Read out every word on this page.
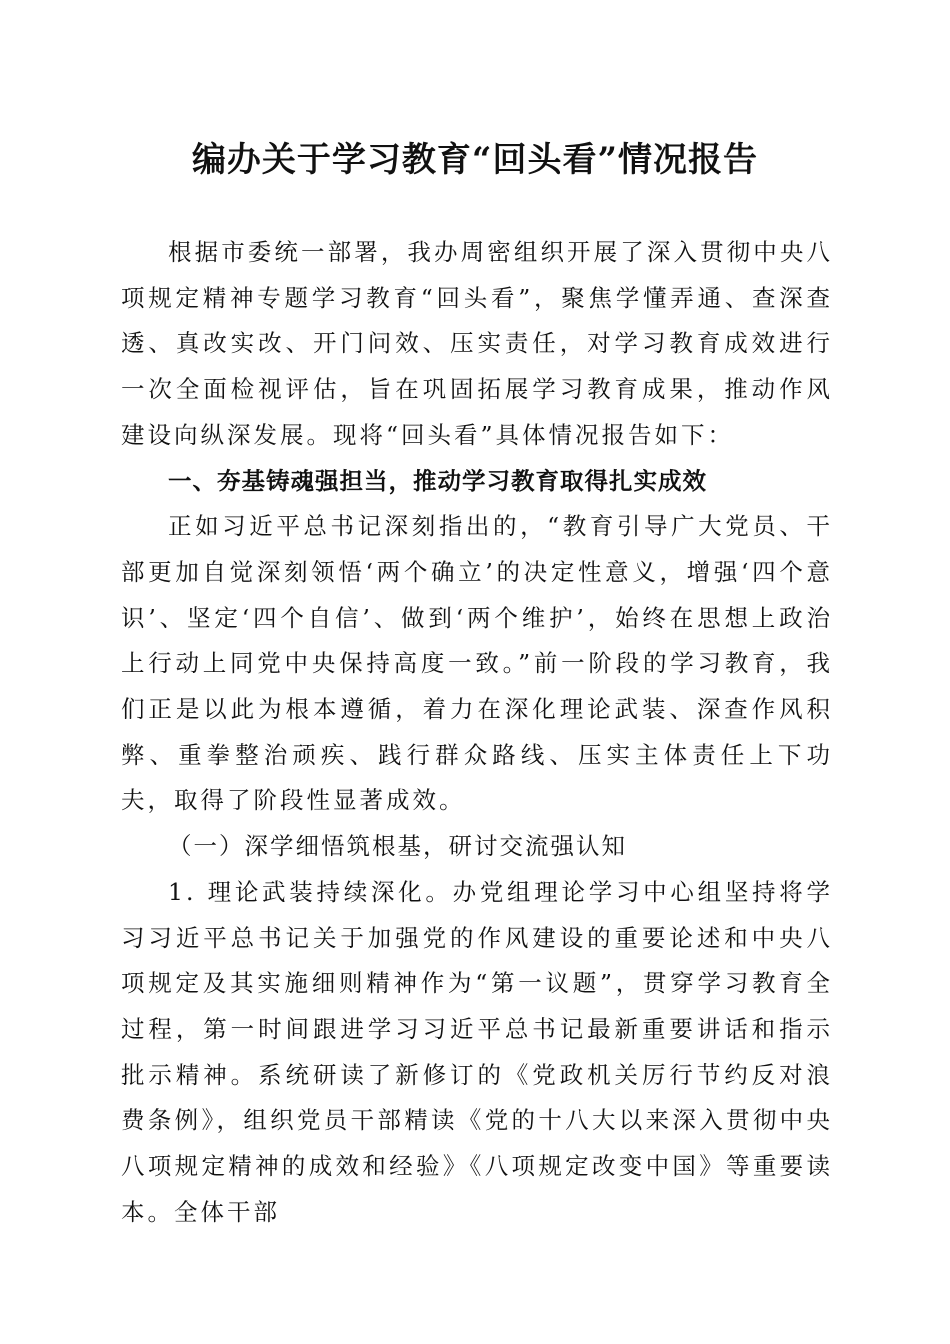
编办关于学习教育“回头看”情况报告

根据市委统一部署，我办周密组织开展了深入贯彻中央八项规定精神专题学习教育“回头看”，聚焦学懂弄通、查深查透、真改实改、开门问效、压实责任，对学习教育成效进行一次全面检视评估，旨在巩固拓展学习教育成果，推动作风建设向纵深发展。现将“回头看”具体情况报告如下：

一、夯基铸魂强担当，推动学习教育取得扎实成效

正如习近平总书记深刻指出的，“教育引导广大党员、干部更加自觉深刻领悟‘两个确立’的决定性意义，增强‘四个意识’、坚定‘四个自信’、做到‘两个维护’，始终在思想上政治上行动上同党中央保持高度一致。”前一阶段的学习教育，我们正是以此为根本遵循，着力在深化理论武装、深查作风积弊、重拳整治顽疾、践行群众路线、压实主体责任上下功夫，取得了阶段性显著成效。

（一）深学细悟筑根基，研讨交流强认知

1. 理论武装持续深化。办党组理论学习中心组坚持将学习习近平总书记关于加强党的作风建设的重要论述和中央八项规定及其实施细则精神作为“第一议题”，贯穿学习教育全过程，第一时间跟进学习习近平总书记最新重要讲话和指示批示精神。系统研读了新修订的《党政机关厉行节约反对浪费条例》，组织党员干部精读《党的十八大以来深入贯彻中央八项规定精神的成效和经验》《八项规定改变中国》等重要读本。全体干部
